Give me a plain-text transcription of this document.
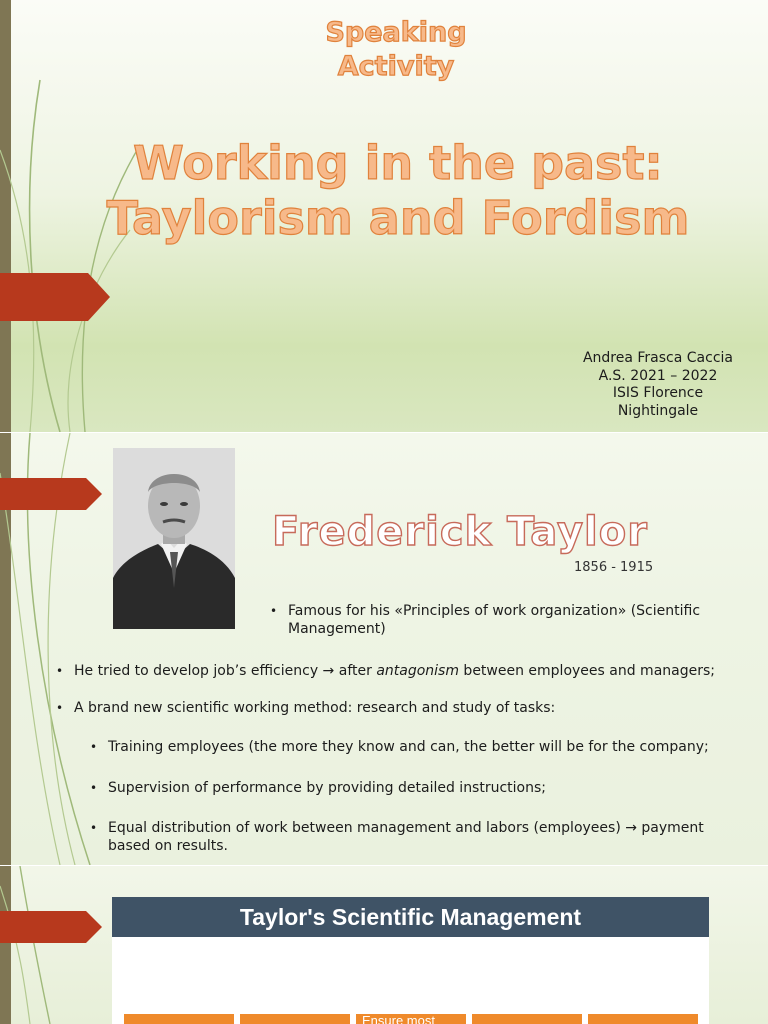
Speaking
Activity
Working in the past:
Taylorism and Fordism
Andrea Frasca Caccia
A.S. 2021 – 2022
ISIS Florence
Nightingale
Frederick Taylor
1856 - 1915
• Famous for his «Principles of work organization» (Scientific Management)
• He tried to develop job’s efficiency → after antagonism between employees and managers;
• A brand new scientific working method: research and study of tasks:
• Training employees (the more they know and can, the better will be for the company;
• Supervision of performance by providing detailed instructions;
• Equal distribution of work between management and labors (employees) → payment based on results.
Taylor's Scientific Management
Ensure most
